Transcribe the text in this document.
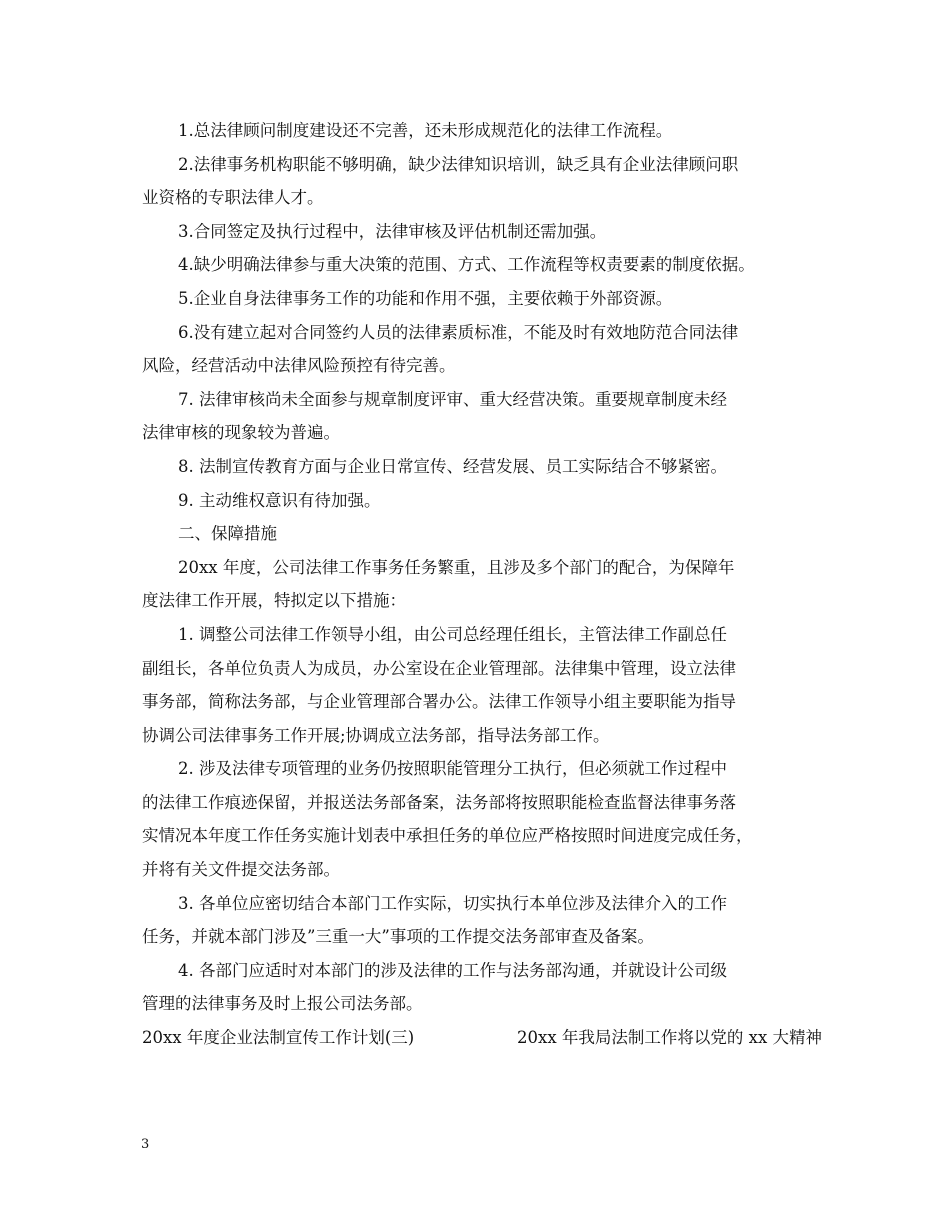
1.总法律顾问制度建设还不完善，还未形成规范化的法律工作流程。
2.法律事务机构职能不够明确，缺少法律知识培训，缺乏具有企业法律顾问职
业资格的专职法律人才。
3.合同签定及执行过程中，法律审核及评估机制还需加强。
4.缺少明确法律参与重大决策的范围、方式、工作流程等权责要素的制度依据。
5.企业自身法律事务工作的功能和作用不强，主要依赖于外部资源。
6.没有建立起对合同签约人员的法律素质标准，不能及时有效地防范合同法律
风险，经营活动中法律风险预控有待完善。
7. 法律审核尚未全面参与规章制度评审、重大经营决策。重要规章制度未经
法律审核的现象较为普遍。
8. 法制宣传教育方面与企业日常宣传、经营发展、员工实际结合不够紧密。
9. 主动维权意识有待加强。
二、保障措施
20xx 年度，公司法律工作事务任务繁重，且涉及多个部门的配合，为保障年
度法律工作开展，特拟定以下措施：
1. 调整公司法律工作领导小组，由公司总经理任组长，主管法律工作副总任
副组长，各单位负责人为成员，办公室设在企业管理部。法律集中管理，设立法律
事务部，简称法务部，与企业管理部合署办公。法律工作领导小组主要职能为指导
协调公司法律事务工作开展;协调成立法务部，指导法务部工作。
2. 涉及法律专项管理的业务仍按照职能管理分工执行，但必须就工作过程中
的法律工作痕迹保留，并报送法务部备案，法务部将按照职能检查监督法律事务落
实情况本年度工作任务实施计划表中承担任务的单位应严格按照时间进度完成任务，
并将有关文件提交法务部。
3. 各单位应密切结合本部门工作实际，切实执行本单位涉及法律介入的工作
任务，并就本部门涉及”三重一大”事项的工作提交法务部审查及备案。
4. 各部门应适时对本部门的涉及法律的工作与法务部沟通，并就设计公司级
管理的法律事务及时上报公司法务部。
20xx 年度企业法制宣传工作计划(三)	20xx 年我局法制工作将以党的 xx 大精神
3
